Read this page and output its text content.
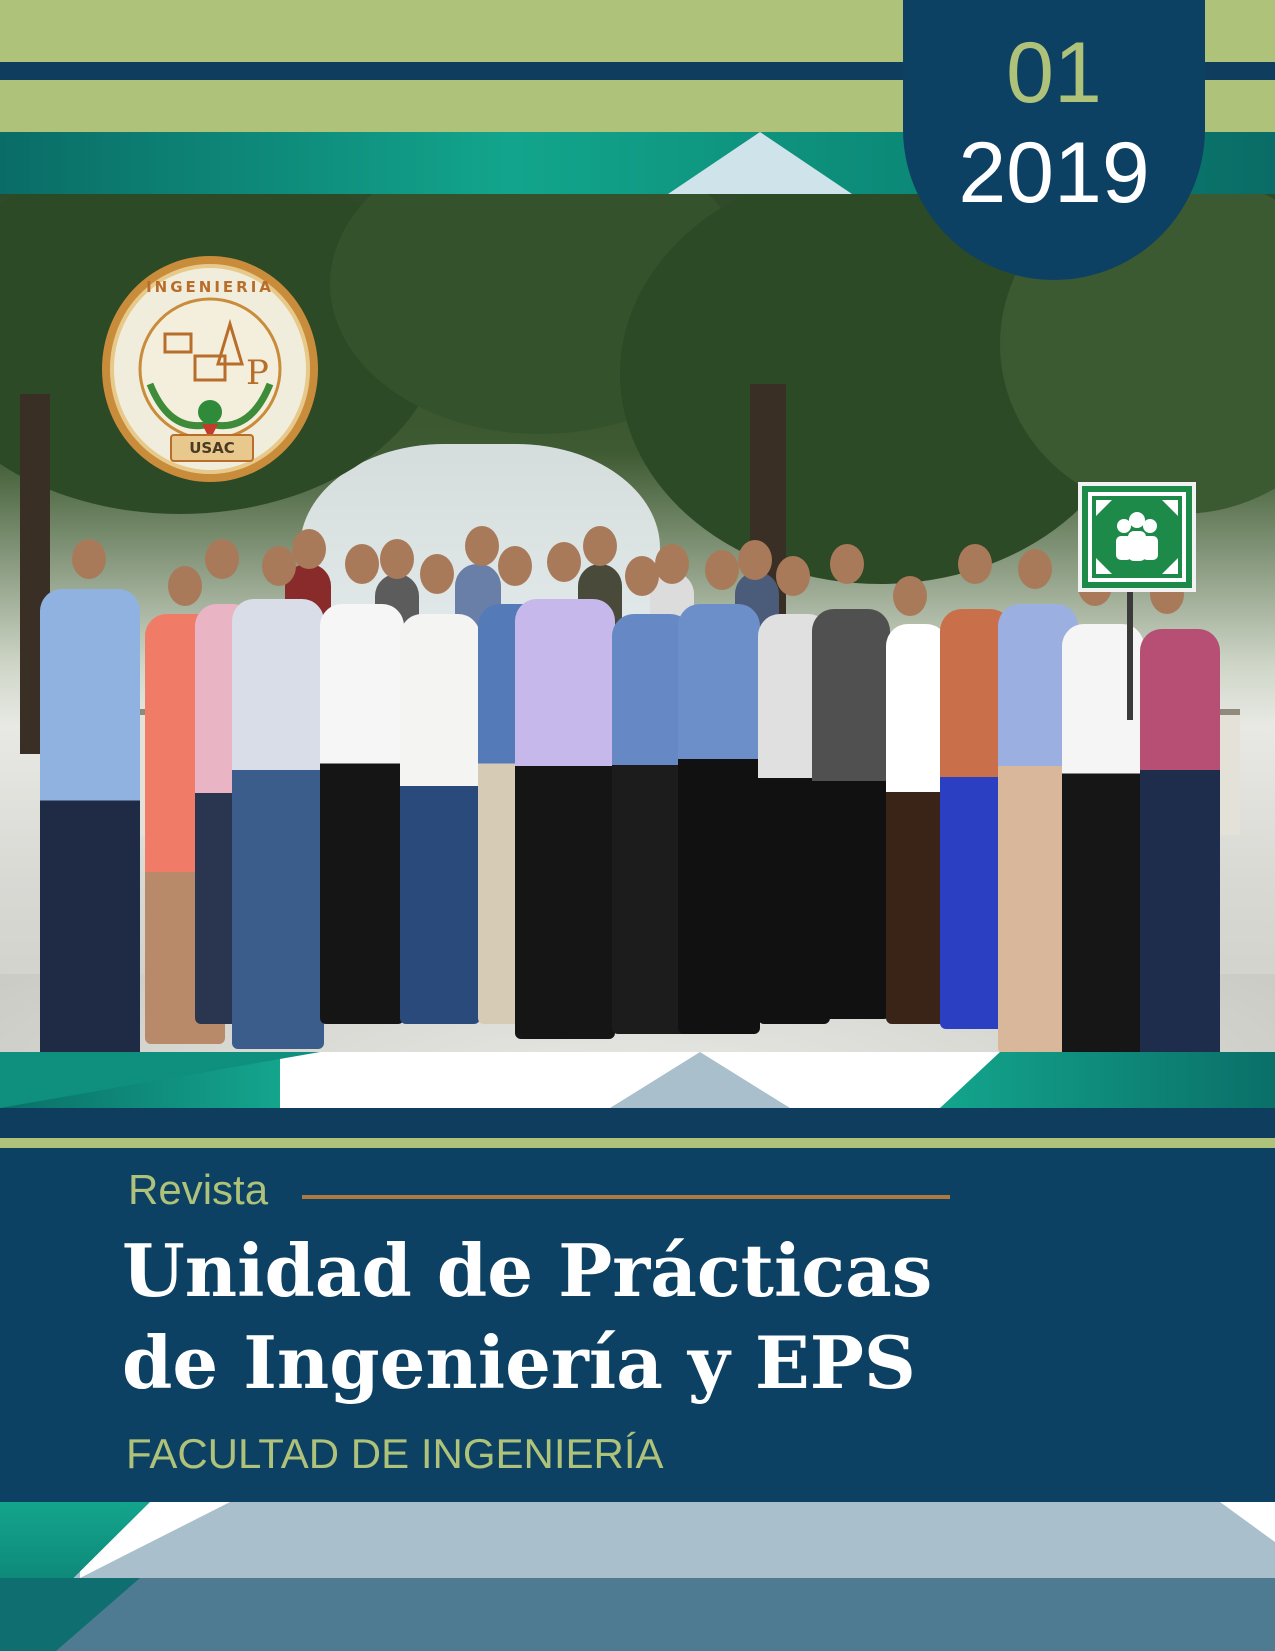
P
INGENIERIA
USAC
01
2019
Revista
Unidad de Prácticas
de Ingeniería y EPS
FACULTAD DE INGENIERÍA
